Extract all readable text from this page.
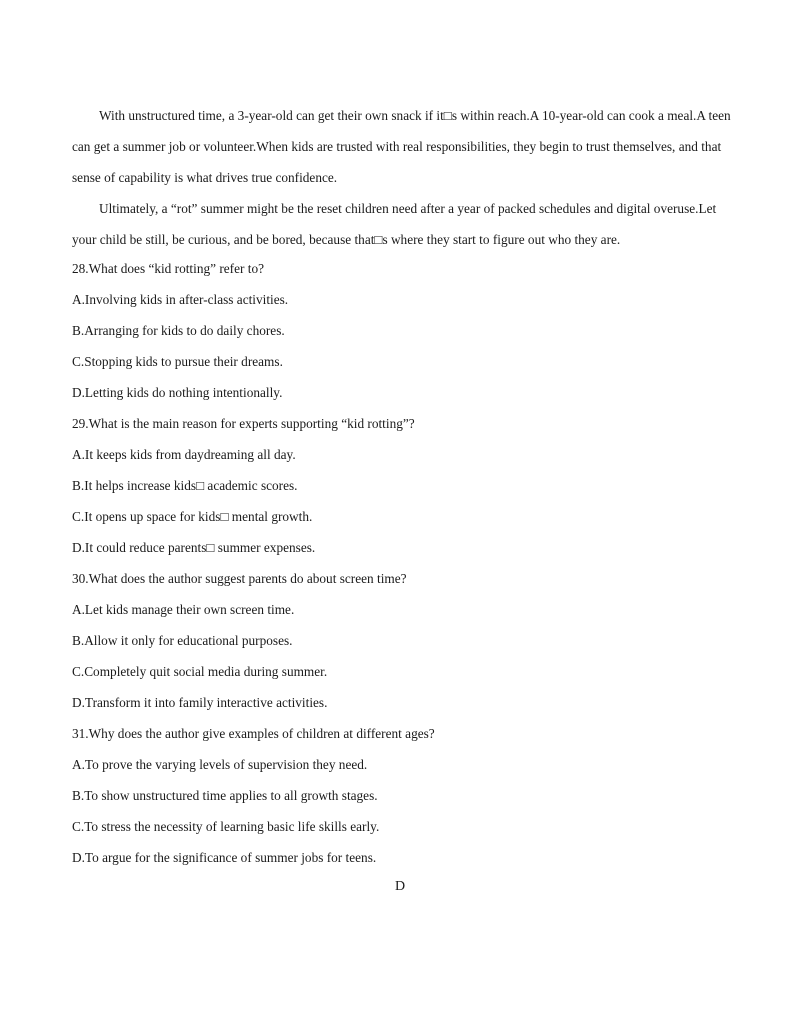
With unstructured time, a 3-year-old can get their own snack if it□s within reach.A 10-year-old can cook a meal.A teen can get a summer job or volunteer.When kids are trusted with real responsibilities, they begin to trust themselves, and that sense of capability is what drives true confidence.

Ultimately, a “rot” summer might be the reset children need after a year of packed schedules and digital overuse.Let your child be still, be curious, and be bored, because that□s where they start to figure out who they are.

28.What does “kid rotting” refer to?
A.Involving kids in after-class activities.
B.Arranging for kids to do daily chores.
C.Stopping kids to pursue their dreams.
D.Letting kids do nothing intentionally.
29.What is the main reason for experts supporting “kid rotting”?
A.It keeps kids from daydreaming all day.
B.It helps increase kids□ academic scores.
C.It opens up space for kids□ mental growth.
D.It could reduce parents□ summer expenses.
30.What does the author suggest parents do about screen time?
A.Let kids manage their own screen time.
B.Allow it only for educational purposes.
C.Completely quit social media during summer.
D.Transform it into family interactive activities.
31.Why does the author give examples of children at different ages?
A.To prove the varying levels of supervision they need.
B.To show unstructured time applies to all growth stages.
C.To stress the necessity of learning basic life skills early.
D.To argue for the significance of summer jobs for teens.
D
